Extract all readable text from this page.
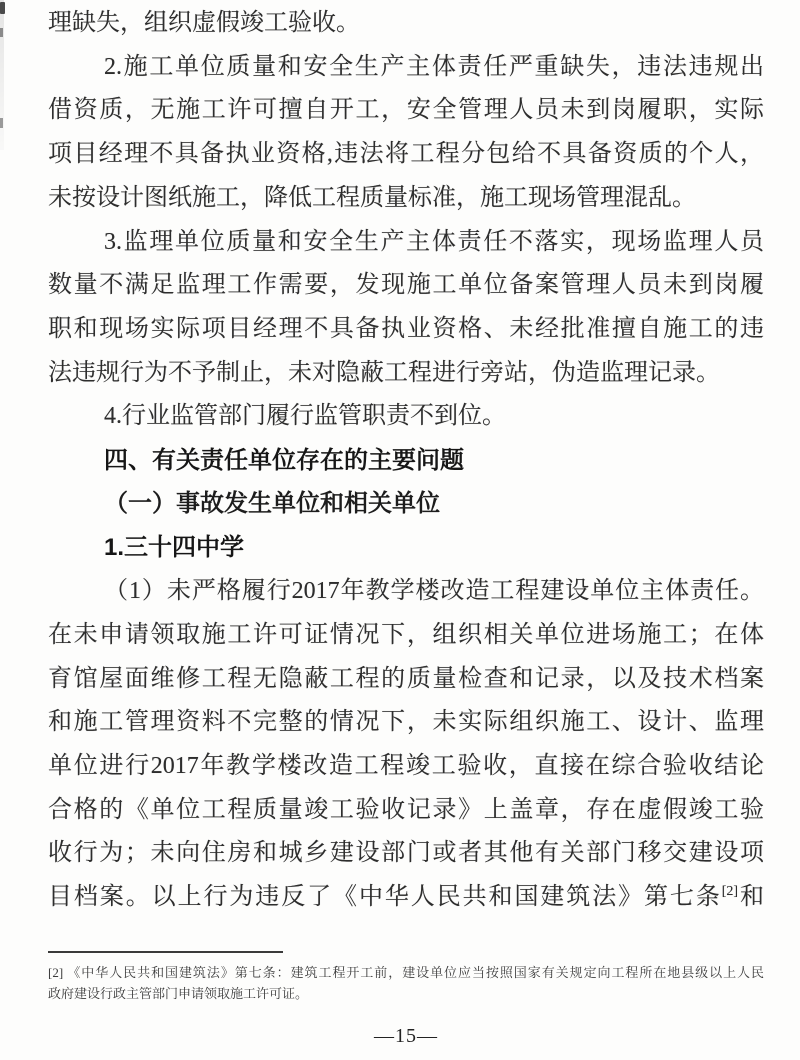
理缺失，组织虚假竣工验收。
2.施工单位质量和安全生产主体责任严重缺失，违法违规出
借资质，无施工许可擅自开工，安全管理人员未到岗履职，实际
项目经理不具备执业资格,违法将工程分包给不具备资质的个人，
未按设计图纸施工，降低工程质量标准，施工现场管理混乱。
3.监理单位质量和安全生产主体责任不落实，现场监理人员
数量不满足监理工作需要，发现施工单位备案管理人员未到岗履
职和现场实际项目经理不具备执业资格、未经批准擅自施工的违
法违规行为不予制止，未对隐蔽工程进行旁站，伪造监理记录。
4.行业监管部门履行监管职责不到位。
四、有关责任单位存在的主要问题
（一）事故发生单位和相关单位
1.三十四中学
（1）未严格履行2017年教学楼改造工程建设单位主体责任。
在未申请领取施工许可证情况下，组织相关单位进场施工；在体
育馆屋面维修工程无隐蔽工程的质量检查和记录，以及技术档案
和施工管理资料不完整的情况下，未实际组织施工、设计、监理
单位进行2017年教学楼改造工程竣工验收，直接在综合验收结论
合格的《单位工程质量竣工验收记录》上盖章，存在虚假竣工验
收行为；未向住房和城乡建设部门或者其他有关部门移交建设项
目档案。以上行为违反了《中华人民共和国建筑法》第七条[2]和
[2] 《中华人民共和国建筑法》第七条：建筑工程开工前，建设单位应当按照国家有关规定向工程所在地县级以上人民
政府建设行政主管部门申请领取施工许可证。
—15—
